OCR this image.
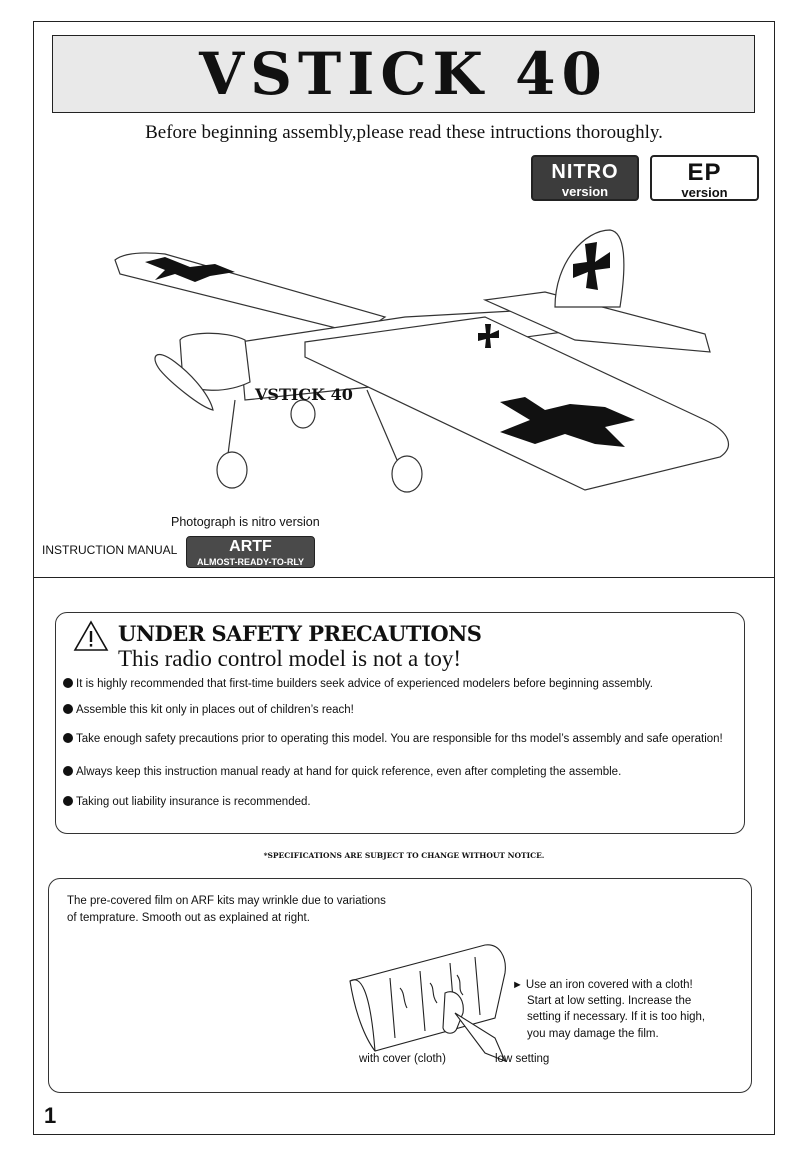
VSTICK 40
Before beginning assembly,please read these intructions thoroughly.
NITRO
version
EP
version
VSTICK 40
Photograph is nitro version
INSTRUCTION MANUAL	ARTF
ALMOST-READY-TO-RLY
UNDER SAFETY PRECAUTIONS
This radio control model is not a toy!
It is highly recommended that first-time builders seek advice of experienced modelers before beginning assembly.
Assemble this kit only in places out of children’s reach!
Take enough safety precautions prior to operating this model. You are responsible for ths model’s assembly and safe operation!
Always keep this instruction manual ready at hand for quick reference, even after completing the assemble.
Taking out liability insurance is recommended.
*SPECIFICATIONS ARE SUBJECT TO CHANGE WITHOUT NOTICE.
The pre-covered film on ARF kits may wrinkle due to variations
of temprature. Smooth out as explained at right.
► Use an iron covered with a cloth!
Start at low setting. Increase the
setting if necessary. If it is too high,
you may damage the film.
with cover (cloth)	low setting
1
